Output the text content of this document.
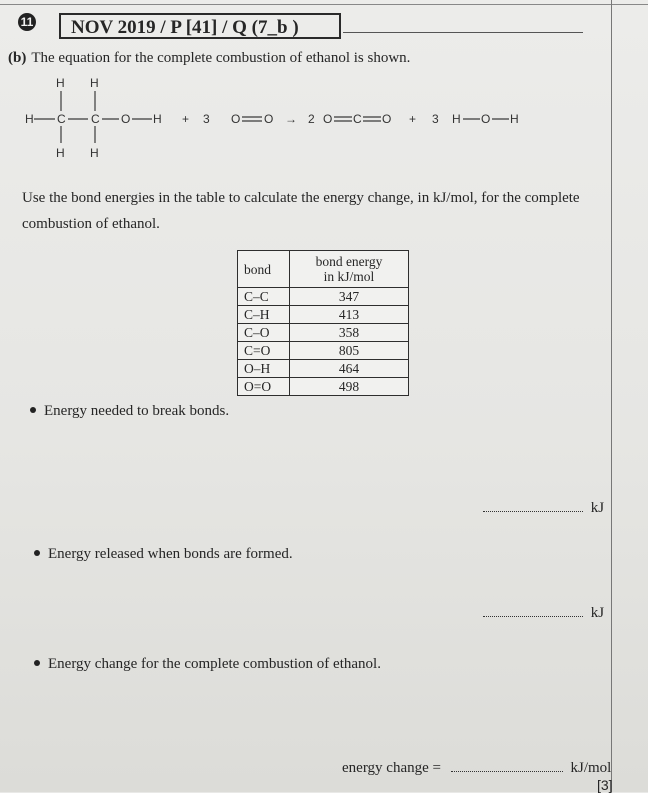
11	NOV 2019 / P [41] / Q (7_b )
(b) The equation for the complete combustion of ethanol is shown.
H H
H C C O H
H H
+ 3 O O → 2 O C O + 3 H O H
Use the bond energies in the table to calculate the energy change, in kJ/mol, for the complete combustion of ethanol.
bond	bond energy
in kJ/mol
C–C	347
C–H	413
C–O	358
C=O	805
O–H	464
O=O	498
Energy needed to break bonds.
kJ
Energy released when bonds are formed.
kJ
Energy change for the complete combustion of ethanol.
energy change =	kJ/mol
[3]
